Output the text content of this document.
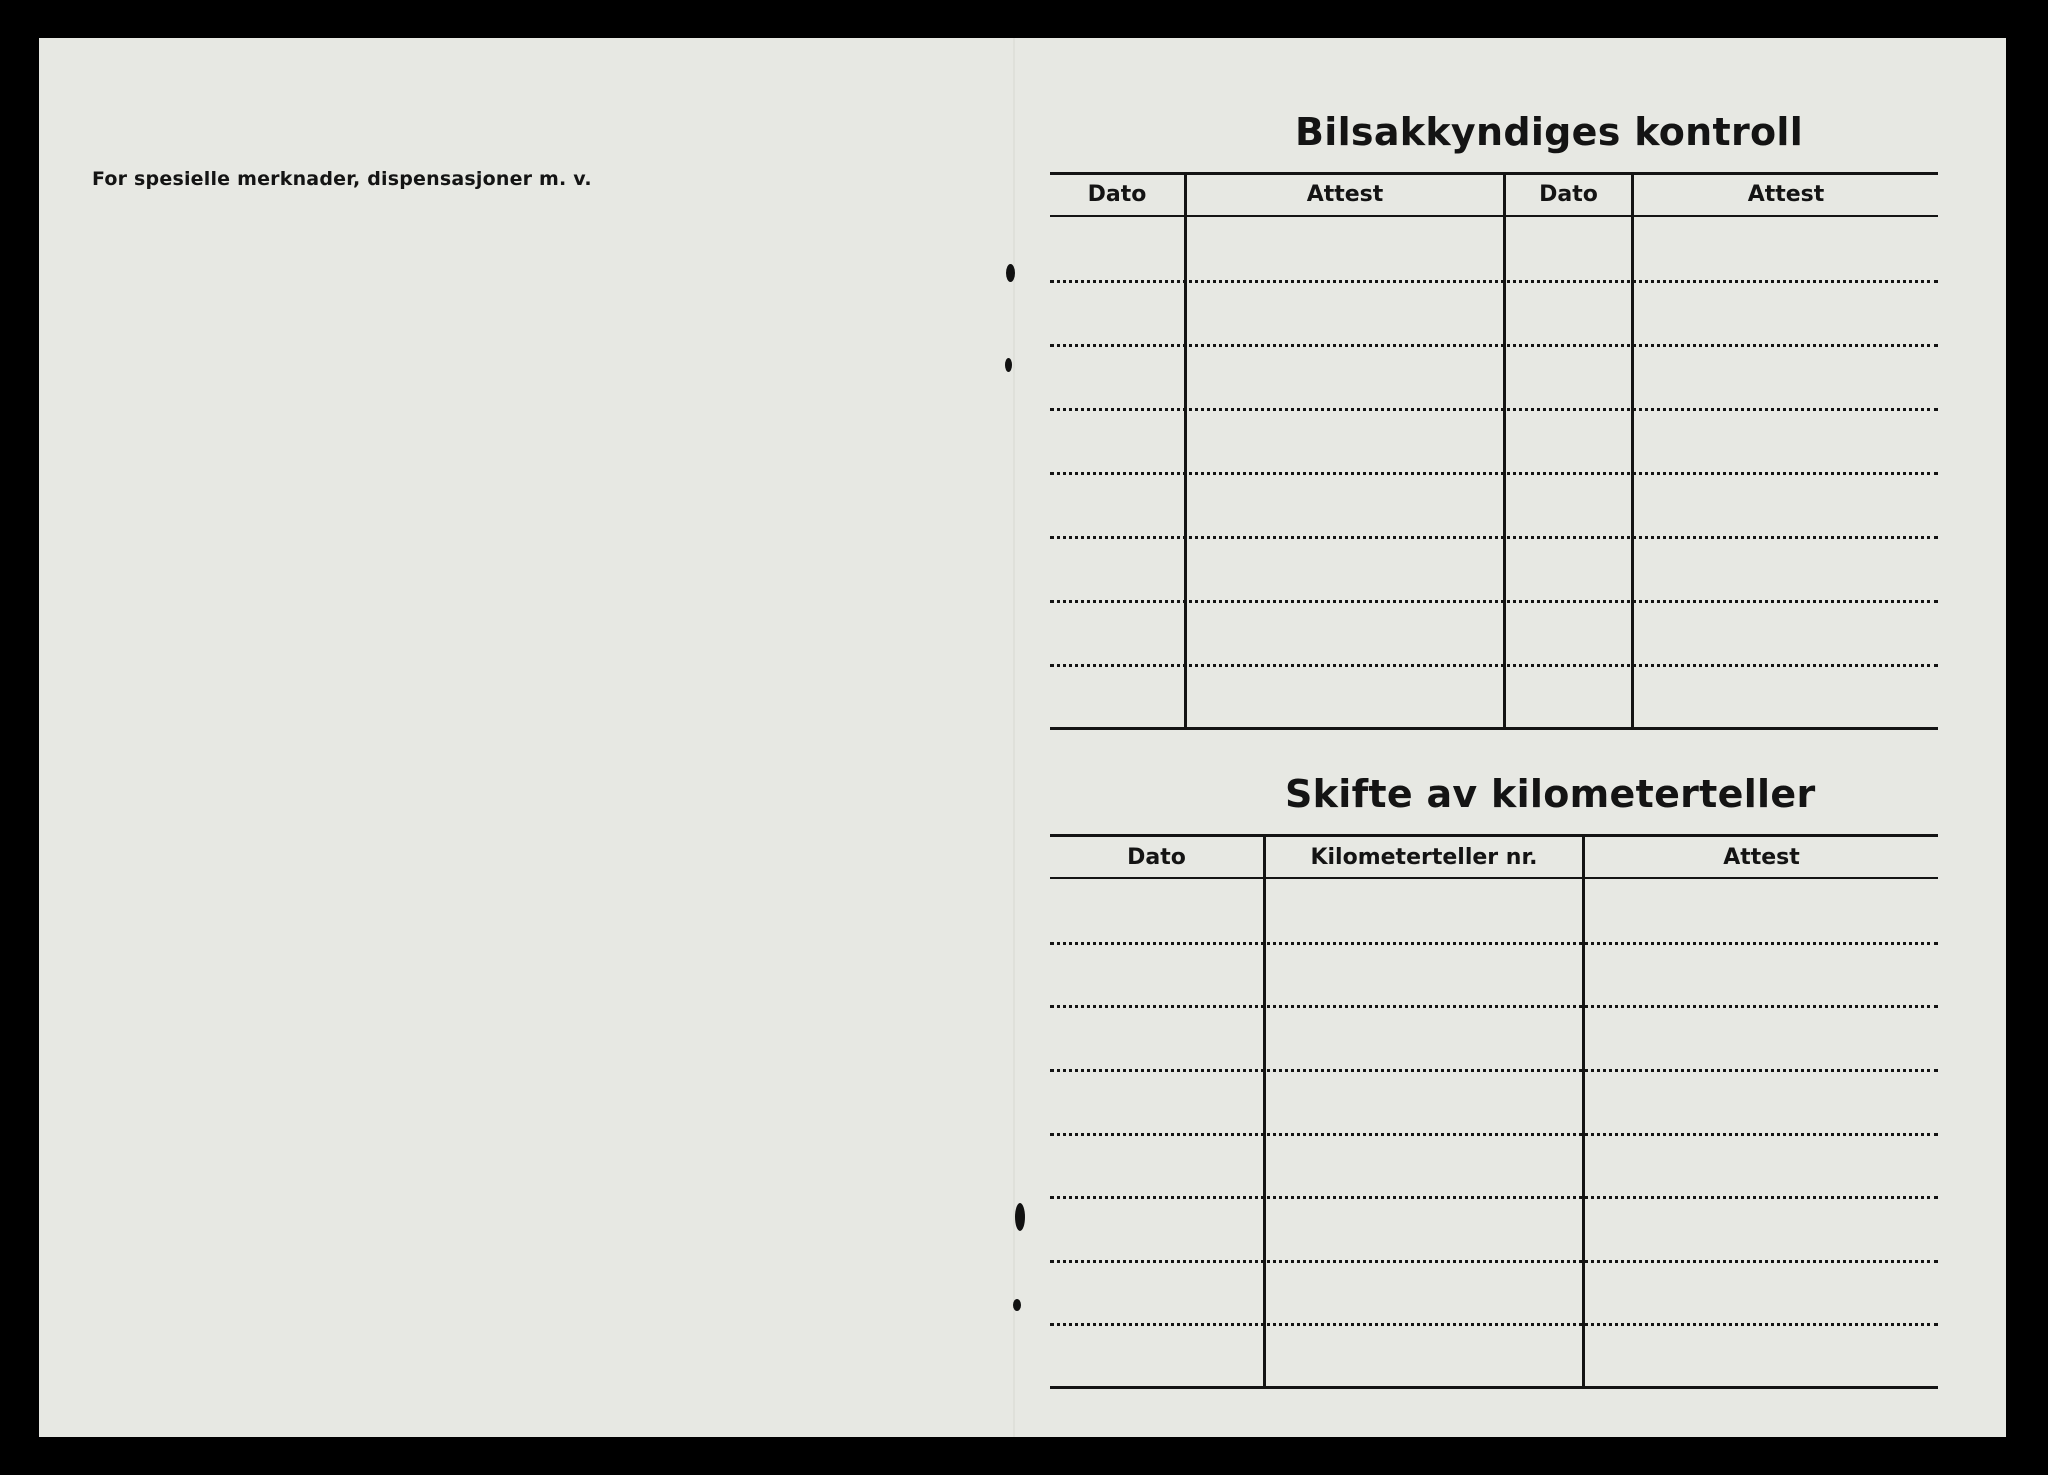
For spesielle merknader, dispensasjoner m. v.
Bilsakkyndiges kontroll
Dato	Attest	Dato	Attest
Skifte av kilometerteller
Dato	Kilometerteller nr.	Attest
